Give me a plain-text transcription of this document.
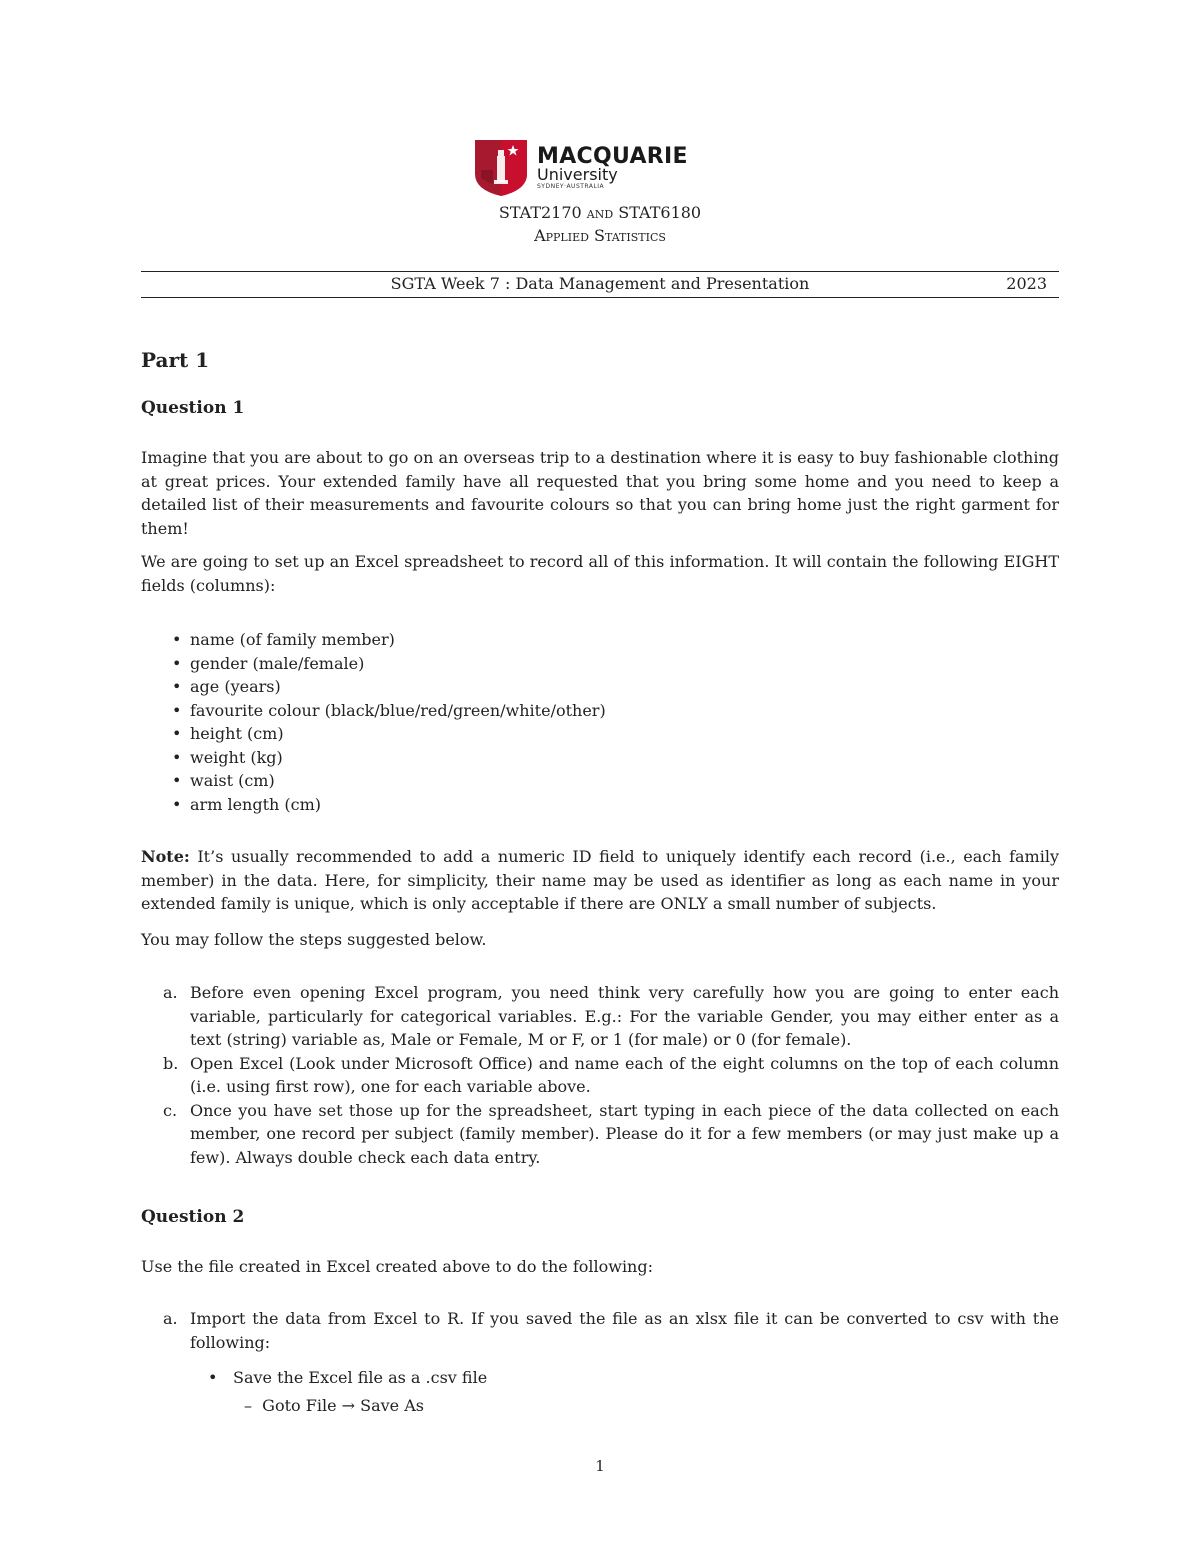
MACQUARIE
University
SYDNEY·AUSTRALIA
STAT2170 and STAT6180
Applied Statistics
SGTA Week 7 : Data Management and Presentation	2023
Part 1
Question 1
Imagine that you are about to go on an overseas trip to a destination where it is easy to buy fashionable clothing at great prices. Your extended family have all requested that you bring some home and you need to keep a detailed list of their measurements and favourite colours so that you can bring home just the right garment for them!
We are going to set up an Excel spreadsheet to record all of this information. It will contain the following EIGHT fields (columns):
• name (of family member)
• gender (male/female)
• age (years)
• favourite colour (black/blue/red/green/white/other)
• height (cm)
• weight (kg)
• waist (cm)
• arm length (cm)
Note: It’s usually recommended to add a numeric ID field to uniquely identify each record (i.e., each family member) in the data. Here, for simplicity, their name may be used as identifier as long as each name in your extended family is unique, which is only acceptable if there are ONLY a small number of subjects.
You may follow the steps suggested below.
a. Before even opening Excel program, you need think very carefully how you are going to enter each variable, particularly for categorical variables. E.g.: For the variable Gender, you may either enter as a text (string) variable as, Male or Female, M or F, or 1 (for male) or 0 (for female).
b. Open Excel (Look under Microsoft Office) and name each of the eight columns on the top of each column (i.e. using first row), one for each variable above.
c. Once you have set those up for the spreadsheet, start typing in each piece of the data collected on each member, one record per subject (family member). Please do it for a few members (or may just make up a few). Always double check each data entry.
Question 2
Use the file created in Excel created above to do the following:
a. Import the data from Excel to R. If you saved the file as an xlsx file it can be converted to csv with the following:
• Save the Excel file as a .csv file
–  Goto File → Save As
1
